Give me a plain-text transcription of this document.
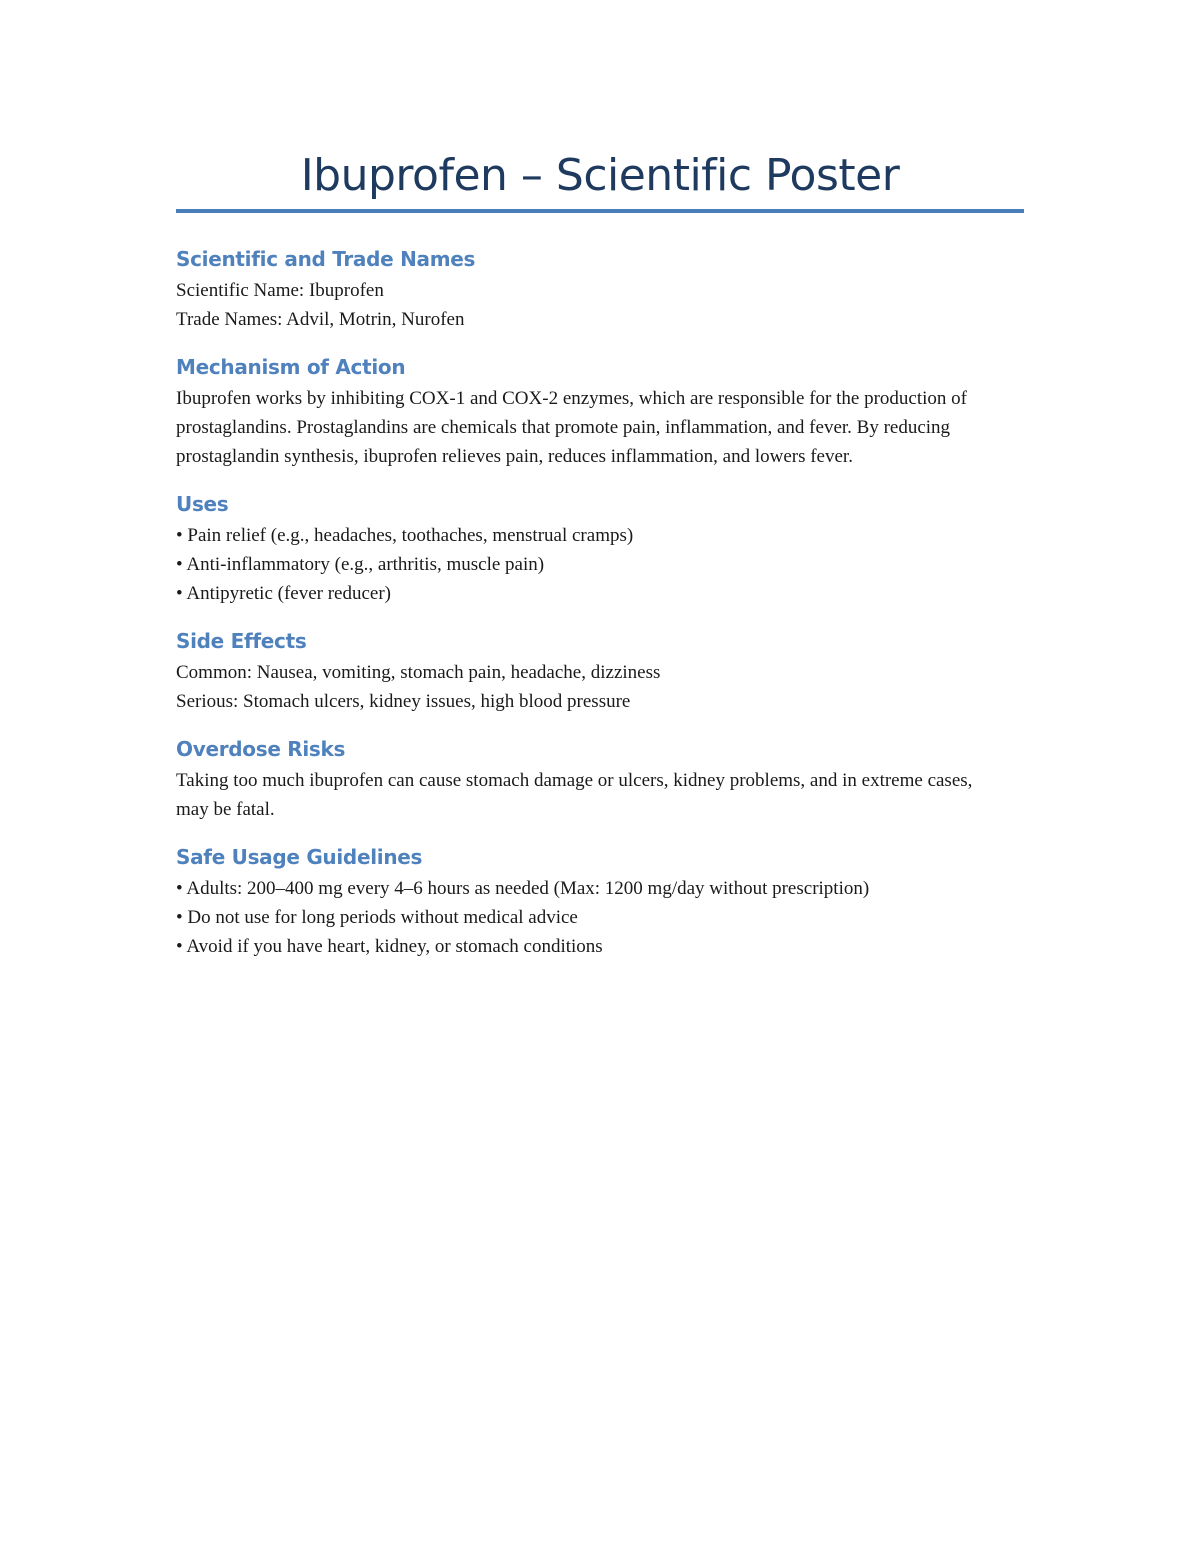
Ibuprofen – Scientific Poster
Scientific and Trade Names

Scientific Name: Ibuprofen

Trade Names: Advil, Motrin, Nurofen

Mechanism of Action

Ibuprofen works by inhibiting COX-1 and COX-2 enzymes, which are responsible for the production of prostaglandins. Prostaglandins are chemicals that promote pain, inflammation, and fever. By reducing prostaglandin synthesis, ibuprofen relieves pain, reduces inflammation, and lowers fever.

Uses

• Pain relief (e.g., headaches, toothaches, menstrual cramps)

• Anti-inflammatory (e.g., arthritis, muscle pain)

• Antipyretic (fever reducer)

Side Effects

Common: Nausea, vomiting, stomach pain, headache, dizziness

Serious: Stomach ulcers, kidney issues, high blood pressure

Overdose Risks

Taking too much ibuprofen can cause stomach damage or ulcers, kidney problems, and in extreme cases, may be fatal.

Safe Usage Guidelines

• Adults: 200–400 mg every 4–6 hours as needed (Max: 1200 mg/day without prescription)

• Do not use for long periods without medical advice

• Avoid if you have heart, kidney, or stomach conditions
